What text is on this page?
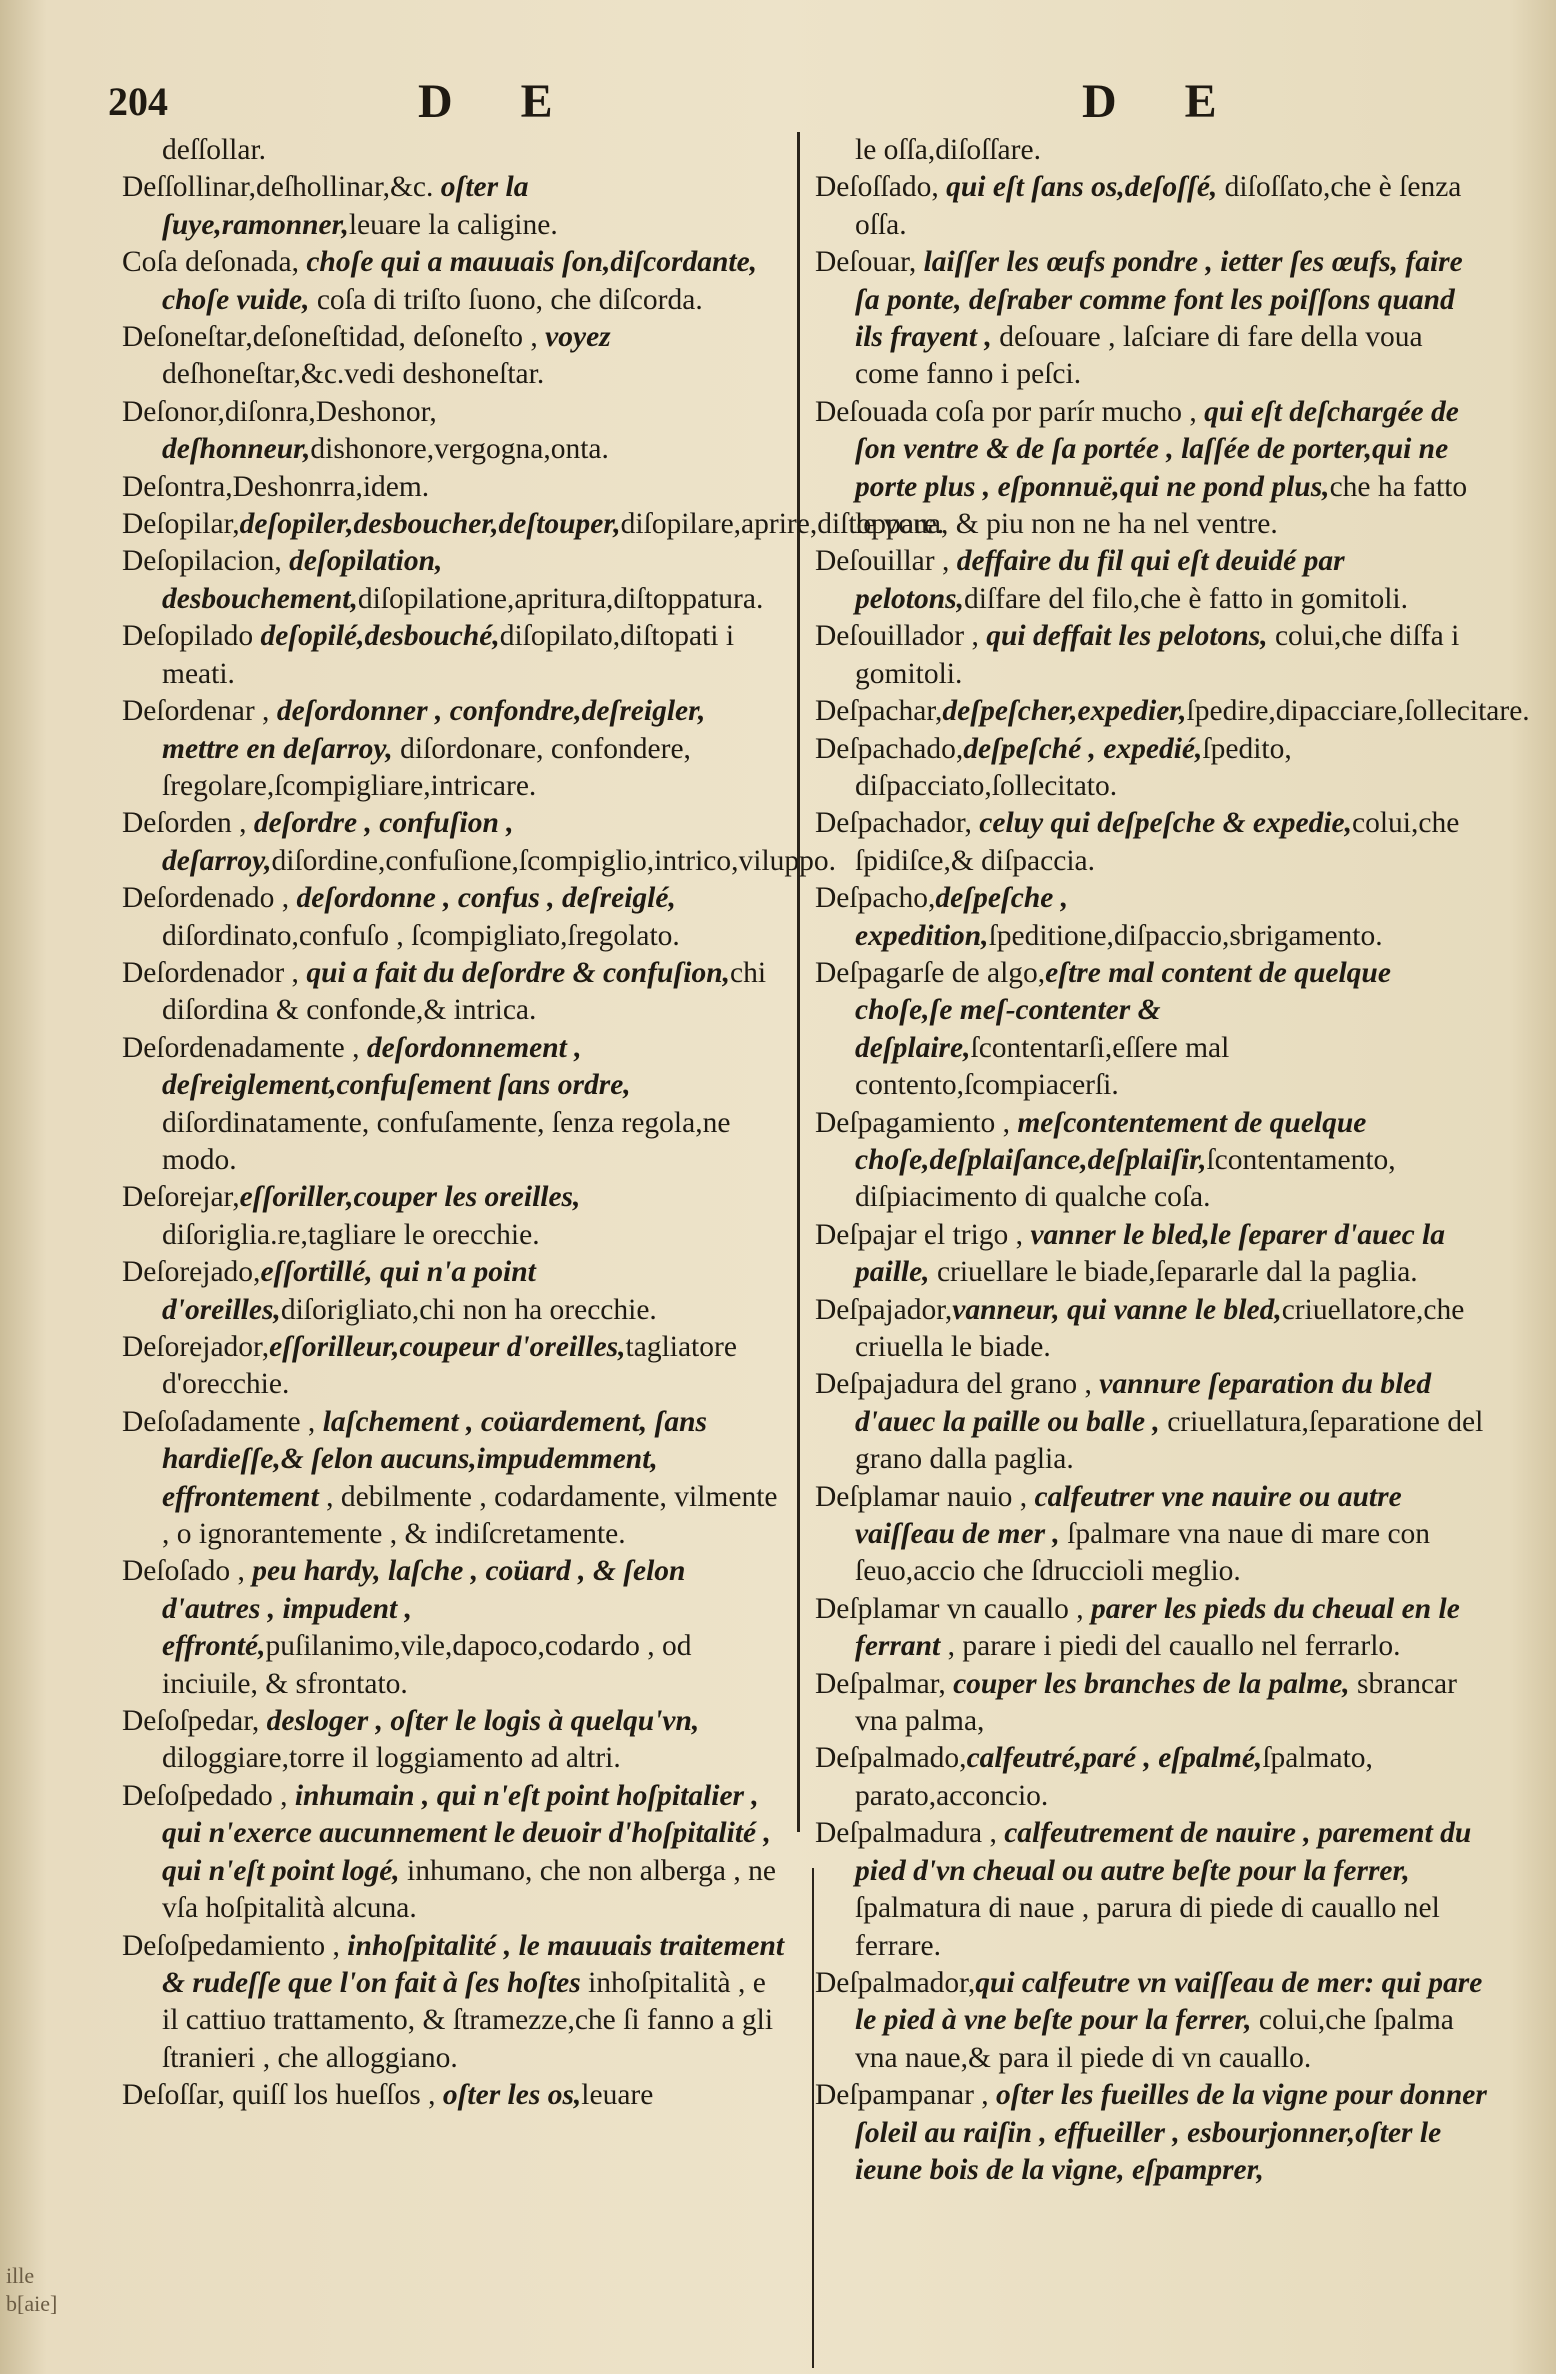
204	D E	D E

deſſollar.

Deſſollinar,deſhollinar,&c. oſter la ſuye,ramonner,leuare la caligine.

Coſa deſonada, choſe qui a mauuais ſon,diſcordante, choſe vuide, coſa di triſto ſuono, che diſcorda.

Deſoneſtar,deſoneſtidad, deſoneſto , voyez deſhoneſtar,&c.vedi deshoneſtar.

Deſonor,diſonra,Deshonor, deſhonneur,dishonore,vergogna,onta.

Deſontra,Deshonrra,idem.

Deſopilar,deſopiler,desboucher,deſtouper,diſopilare,aprire,diſtoppare.

Deſopilacion, deſopilation, desbouchement,diſopilatione,apritura,diſtoppatura.

Deſopilado deſopilé,desbouché,diſopilato,diſtopati i meati.

Deſordenar , deſordonner , confondre,deſreigler, mettre en deſarroy, diſordonare, confondere, ſregolare,ſcompigliare,intricare.

Deſorden , deſordre , confuſion , deſarroy,diſordine,confuſione,ſcompiglio,intrico,viluppo.

Deſordenado , deſordonne , confus , deſreiglé, diſordinato,confuſo , ſcompigliato,ſregolato.

Deſordenador , qui a fait du deſordre & confuſion,chi diſordina & confonde,& intrica.

Deſordenadamente , deſordonnement , deſreiglement,confuſement ſans ordre, diſordinatamente, confuſamente, ſenza regola,ne modo.

Deſorejar,eſſoriller,couper les oreilles, diſoriglia.re,tagliare le orecchie.

Deſorejado,eſſortillé, qui n'a point d'oreilles,diſorigliato,chi non ha orecchie.

Deſorejador,eſſorilleur,coupeur d'oreilles,tagliatore d'orecchie.

Deſoſadamente , laſchement , coüardement, ſans hardieſſe,& ſelon aucuns,impudemment, effrontement , debilmente , codardamente, vilmente , o ignorantemente , & indiſcretamente.

Deſoſado , peu hardy, laſche , coüard , & ſelon d'autres , impudent , effronté,puſilanimo,vile,dapoco,codardo , od inciuile, & sfrontato.

Deſoſpedar, desloger , oſter le logis à quelqu'vn, diloggiare,torre il loggiamento ad altri.

Deſoſpedado , inhumain , qui n'eſt point hoſpitalier , qui n'exerce aucunnement le deuoir d'hoſpitalité , qui n'eſt point logé, inhumano, che non alberga , ne vſa hoſpitalità alcuna.

Deſoſpedamiento , inhoſpitalité , le mauuais traitement & rudeſſe que l'on fait à ſes hoſtes inhoſpitalità , e il cattiuo trattamento, & ſtramezze,che ſi fanno a gli ſtranieri , che alloggiano.

Deſoſſar, quiſſ los hueſſos , oſter les os,leuare

le oſſa,diſoſſare.

Deſoſſado, qui eſt ſans os,deſoſſé, diſoſſato,che è ſenza oſſa.

Deſouar, laiſſer les œufs pondre , ietter ſes œufs, faire ſa ponte, deſraber comme font les poiſſons quand ils frayent , deſouare , laſciare di fare della voua come fanno i peſci.

Deſouada coſa por parír mucho , qui eſt deſchargée de ſon ventre & de ſa portée , laſſée de porter,qui ne porte plus , eſponnuë,qui ne pond plus,che ha fatto le voua, & piu non ne ha nel ventre.

Deſouillar , deffaire du fil qui eſt deuidé par pelotons,diſfare del filo,che è fatto in gomitoli.

Deſouillador , qui deffait les pelotons, colui,che diſfa i gomitoli.

Deſpachar,deſpeſcher,expedier,ſpedire,dipacciare,ſollecitare.

Deſpachado,deſpeſché , expedié,ſpedito, diſpacciato,ſollecitato.

Deſpachador, celuy qui deſpeſche & expedie,colui,che ſpidiſce,& diſpaccia.

Deſpacho,deſpeſche , expedition,ſpeditione,diſpaccio,sbrigamento.

Deſpagarſe de algo,eſtre mal content de quelque choſe,ſe meſ-contenter & deſplaire,ſcontentarſi,eſſere mal contento,ſcompiacerſi.

Deſpagamiento , meſcontentement de quelque choſe,deſplaiſance,deſplaiſir,ſcontentamento, diſpiacimento di qualche coſa.

Deſpajar el trigo , vanner le bled,le ſeparer d'auec la paille, criuellare le biade,ſepararle dal la paglia.

Deſpajador,vanneur, qui vanne le bled,criuellatore,che criuella le biade.

Deſpajadura del grano , vannure ſeparation du bled d'auec la paille ou balle , criuellatura,ſeparatione del grano dalla paglia.

Deſplamar nauio , calfeutrer vne nauire ou autre vaiſſeau de mer , ſpalmare vna naue di mare con ſeuo,accio che ſdruccioli meglio.

Deſplamar vn cauallo , parer les pieds du cheual en le ferrant , parare i piedi del cauallo nel ferrarlo.

Deſpalmar, couper les branches de la palme, sbrancar vna palma,

Deſpalmado,calfeutré,paré , eſpalmé,ſpalmato, parato,acconcio.

Deſpalmadura , calfeutrement de nauire , parement du pied d'vn cheual ou autre beſte pour la ferrer, ſpalmatura di naue , parura di piede di cauallo nel ferrare.

Deſpalmador,qui calfeutre vn vaiſſeau de mer: qui pare le pied à vne beſte pour la ferrer, colui,che ſpalma vna naue,& para il piede di vn cauallo.

Deſpampanar , oſter les fueilles de la vigne pour donner ſoleil au raiſin , effueiller , esbourjonner,oſter le ieune bois de la vigne, eſpamprer,

ille
b[aie]
